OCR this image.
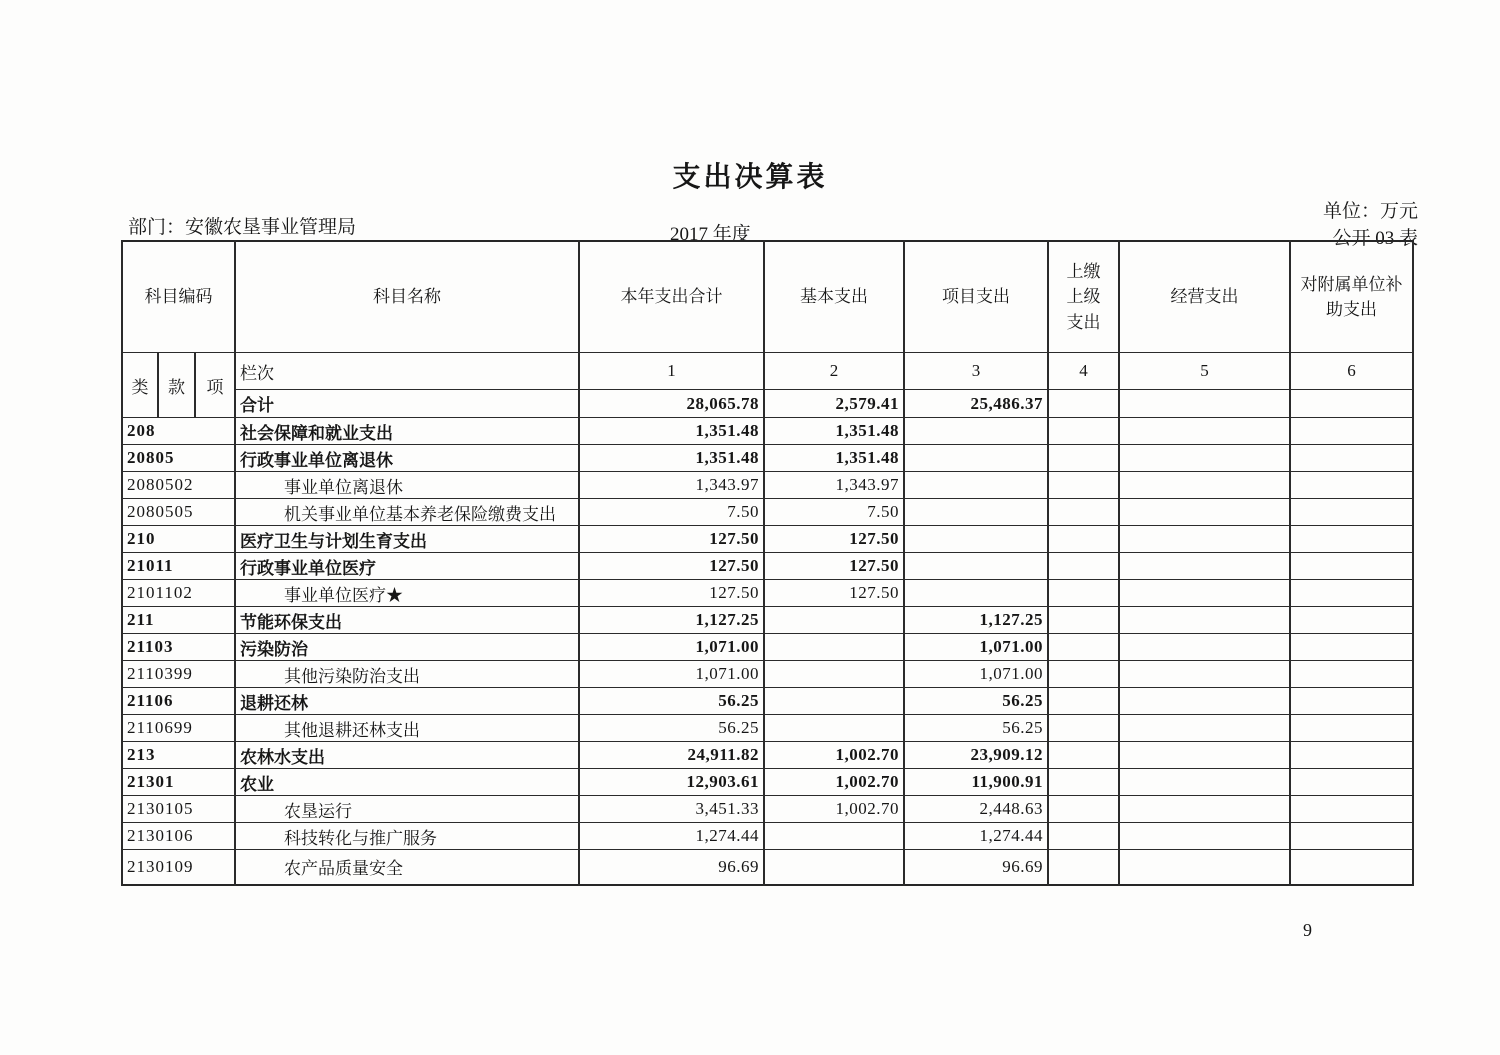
支出决算表
部门：安徽农垦事业管理局	2017 年度
单位：万元
公开 03 表
科目编码			科目名称	本年支出合计	基本支出	项目支出	上缴上级支出	经营支出	对附属单位补助支出
类	款	项	栏次	1	2	3	4	5	6
			合计	28,065.78	2,579.41	25,486.37			
208			社会保障和就业支出	1,351.48	1,351.48				
20805			行政事业单位离退休	1,351.48	1,351.48				
2080502			事业单位离退休	1,343.97	1,343.97				
2080505			机关事业单位基本养老保险缴费支出	7.50	7.50				
210			医疗卫生与计划生育支出	127.50	127.50				
21011			行政事业单位医疗	127.50	127.50				
2101102			事业单位医疗★	127.50	127.50				
211			节能环保支出	1,127.25		1,127.25			
21103			污染防治	1,071.00		1,071.00			
2110399			其他污染防治支出	1,071.00		1,071.00			
21106			退耕还林	56.25		56.25			
2110699			其他退耕还林支出	56.25		56.25			
213			农林水支出	24,911.82	1,002.70	23,909.12			
21301			农业	12,903.61	1,002.70	11,900.91			
2130105			农垦运行	3,451.33	1,002.70	2,448.63			
2130106			科技转化与推广服务	1,274.44		1,274.44			
2130109			农产品质量安全	96.69		96.69			
9
